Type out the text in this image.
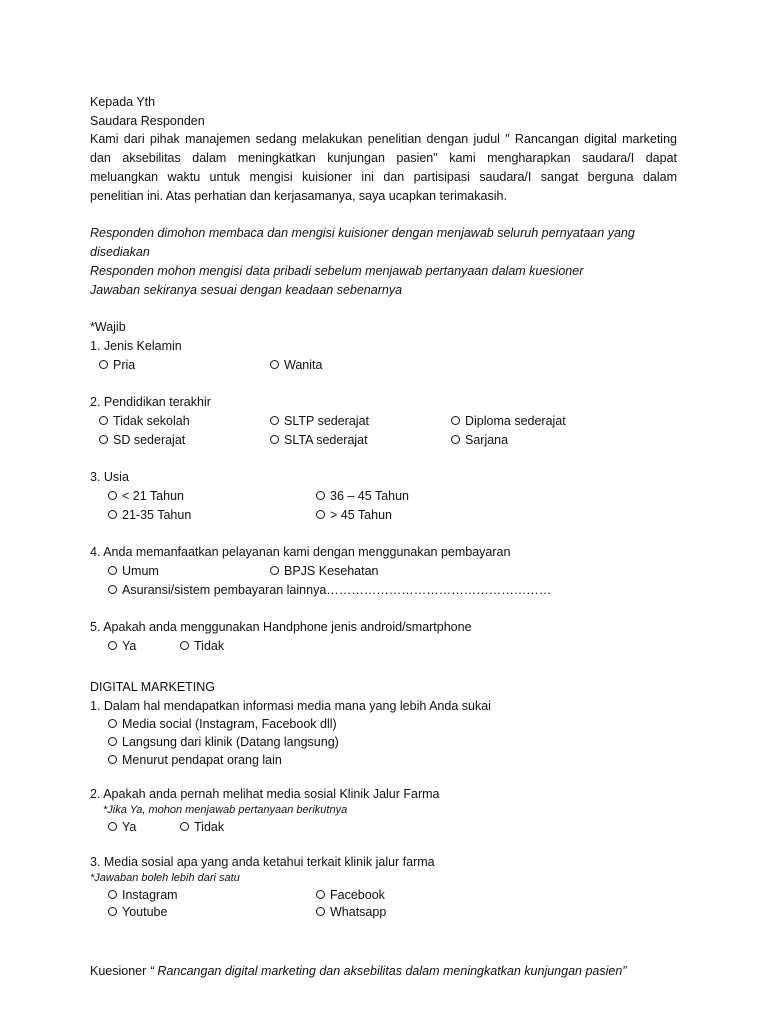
Kepada Yth
Saudara Responden
Kami dari pihak manajemen sedang melakukan penelitian dengan judul " Rancangan digital marketing
dan aksebilitas dalam meningkatkan kunjungan pasien" kami mengharapkan saudara/I dapat
meluangkan waktu untuk mengisi kuisioner ini dan partisipasi saudara/I sangat berguna dalam
penelitian ini. Atas perhatian dan kerjasamanya, saya ucapkan terimakasih.
Responden dimohon membaca dan mengisi kuisioner dengan menjawab seluruh pernyataan yang
disediakan
Responden mohon mengisi data pribadi sebelum menjawab pertanyaan dalam kuesioner
Jawaban sekiranya sesuai dengan keadaan sebenarnya
*Wajib
1. Jenis Kelamin
Pria	Wanita
2. Pendidikan terakhir
Tidak sekolah	SLTP sederajat	Diploma sederajat
SD sederajat	SLTA sederajat	Sarjana
3. Usia
< 21 Tahun	36 – 45 Tahun
21-35 Tahun	> 45 Tahun
4. Anda memanfaatkan pelayanan kami dengan menggunakan pembayaran
Umum	BPJS Kesehatan
Asuransi/sistem pembayaran lainnya………………………………………………
5. Apakah anda menggunakan Handphone jenis android/smartphone
Ya	Tidak
DIGITAL MARKETING
1. Dalam hal mendapatkan informasi media mana yang lebih Anda sukai
Media social (Instagram, Facebook dll)
Langsung dari klinik (Datang langsung)
Menurut pendapat orang lain
2. Apakah anda pernah melihat media sosial Klinik Jalur Farma
*Jika Ya, mohon menjawab pertanyaan berikutnya
Ya	Tidak
3. Media sosial apa yang anda ketahui terkait klinik jalur farma
*Jawaban boleh lebih dari satu
Instagram	Facebook
Youtube	Whatsapp
Kuesioner “ Rancangan digital marketing dan aksebilitas dalam meningkatkan kunjungan pasien”
